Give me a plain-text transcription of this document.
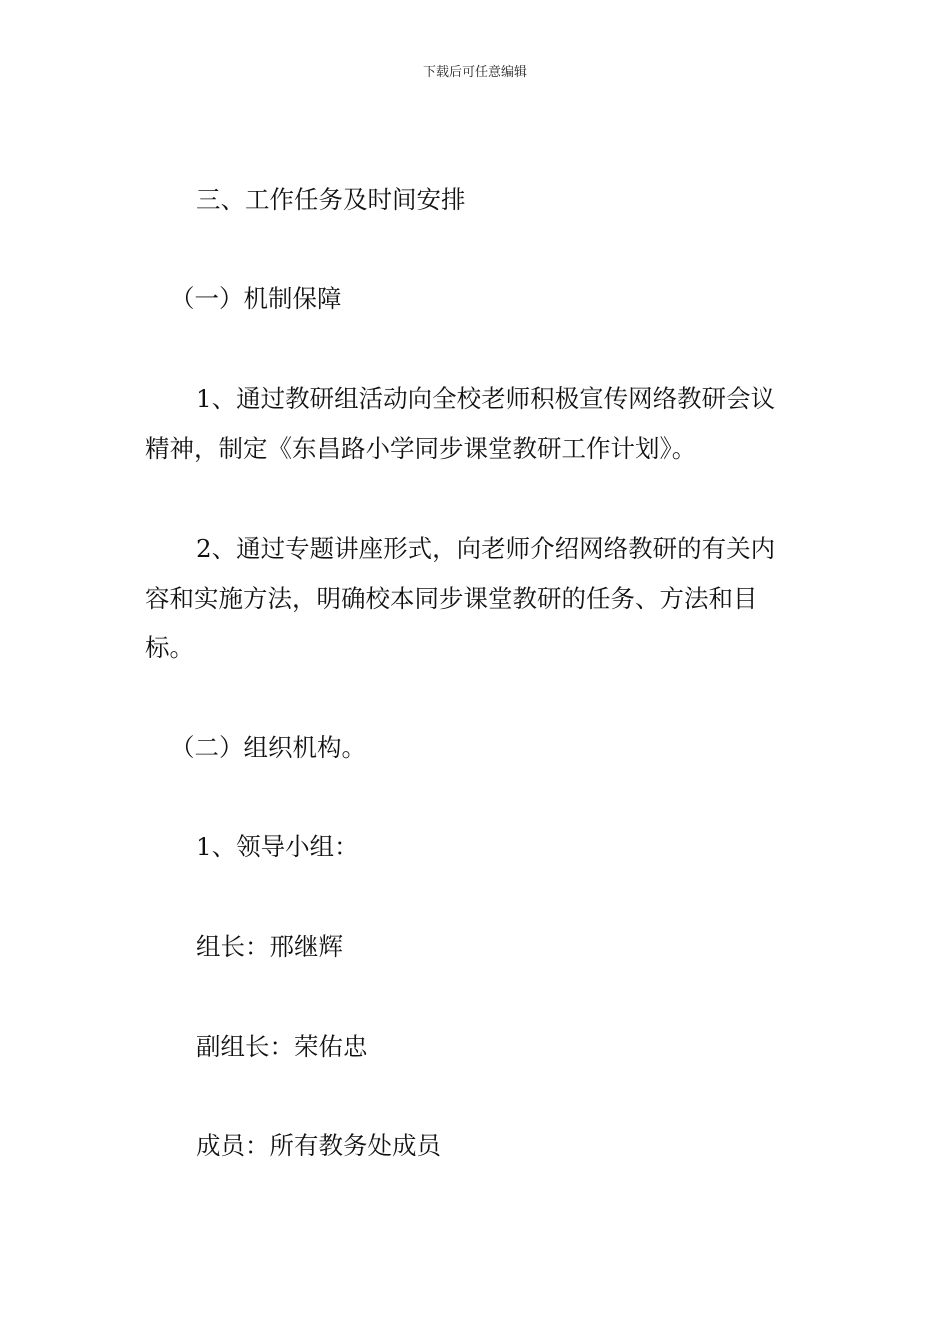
下载后可任意编辑
三、工作任务及时间安排
（一）机制保障
1、通过教研组活动向全校老师积极宣传网络教研会议
精神，制定《东昌路小学同步课堂教研工作计划》。
2、通过专题讲座形式，向老师介绍网络教研的有关内
容和实施方法，明确校本同步课堂教研的任务、方法和目
标。
（二）组织机构。
1、领导小组：
组长：邢继辉
副组长：荣佑忠
成员：所有教务处成员
